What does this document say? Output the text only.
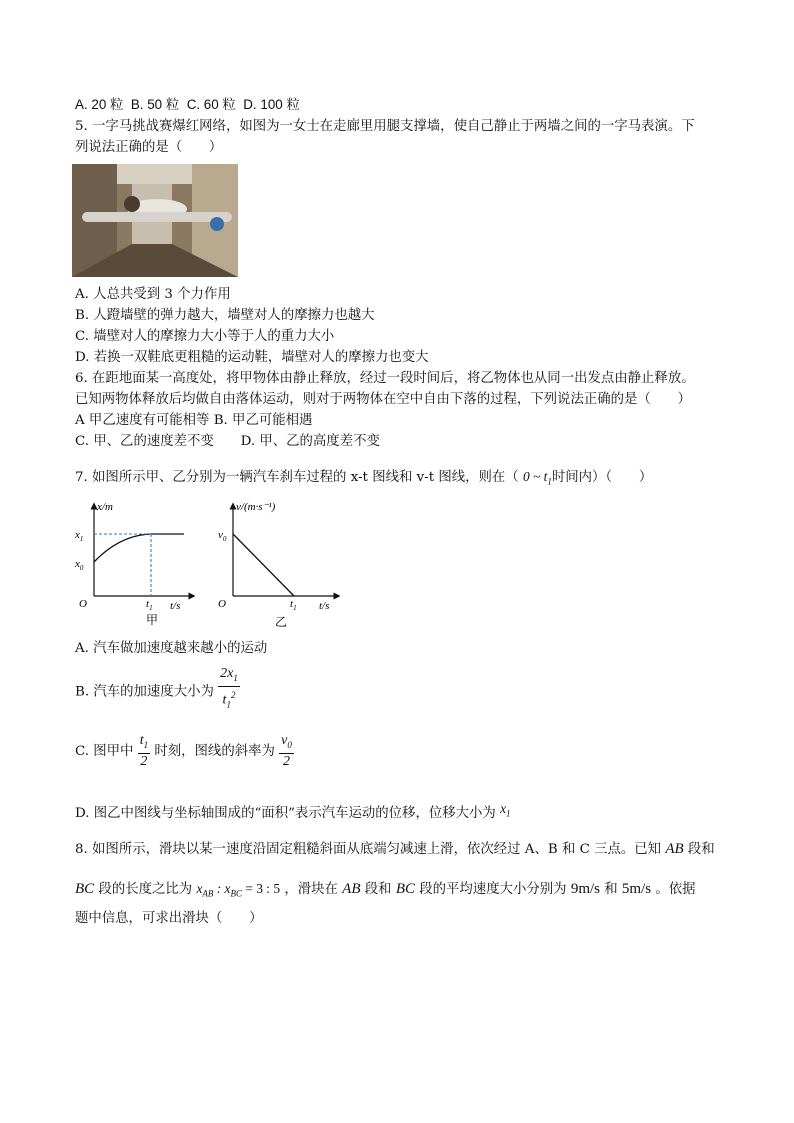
A. 20 粒 B. 50 粒 C. 60 粒 D. 100 粒
5. 一字马挑战赛爆红网络，如图为一女士在走廊里用腿支撑墙，使自己静止于两墙之间的一字马表演。下
列说法正确的是（　　）
A. 人总共受到 3 个力作用
B. 人蹬墙壁的弹力越大，墙壁对人的摩擦力也越大
C. 墙壁对人的摩擦力大小等于人的重力大小
D. 若换一双鞋底更粗糙的运动鞋，墙壁对人的摩擦力也变大
6. 在距地面某一高度处，将甲物体由静止释放，经过一段时间后，将乙物体也从同一出发点由静止释放。
已知两物体释放后均做自由落体运动，则对于两物体在空中自由下落的过程，下列说法正确的是（　　）
A 甲乙速度有可能相等 B. 甲乙可能相遇
C. 甲、乙的速度差不变　　D. 甲、乙的高度差不变
7. 如图所示甲、乙分别为一辆汽车刹车过程的 x-t 图线和 v-t 图线，则在（ 0 ~ $t_1$时间内）（　　）
x/m
$x_1$
$x_0$
O	$t_1$ t/s
甲
v/(m·s⁻¹)
$v_0$
O	$t_1$ t/s
乙
A. 汽车做加速度越来越小的运动
B. 汽车的加速度大小为 $\frac{2x_1}{t_1^2}$
C. 图甲中 $\frac{t_1}{2}$ 时刻，图线的斜率为 $\frac{v_0}{2}$
D. 图乙中图线与坐标轴围成的“面积”表示汽车运动的位移，位移大小为 $x_1$
8. 如图所示，滑块以某一速度沿固定粗糙斜面从底端匀减速上滑，依次经过 A、B 和 C 三点。已知 AB 段和
BC 段的长度之比为 $x_{AB}$ : $x_{BC} = 3$ : 5 ，滑块在 AB 段和 BC 段的平均速度大小分别为 9m/s 和 5m/s 。依据
题中信息，可求出滑块（　　）
